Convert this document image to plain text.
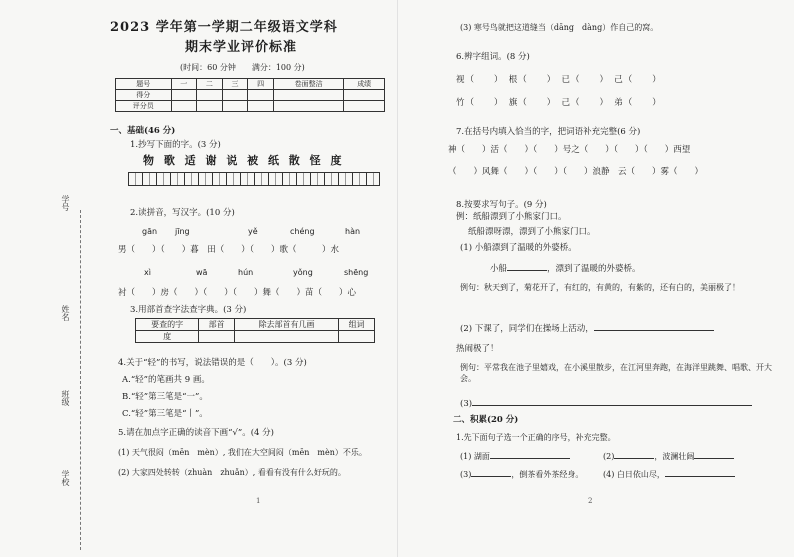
学号
姓名
班级
学校
2023 学年第一学期二年级语文学科
期末学业评价标准
(时间：60 分钟　　满分：100 分)
题号	一	二	三	四	卷面整洁	成绩
得分						
评分员						
一、基础(46 分)
1.抄写下面的字。(3 分)
物 歌 适 谢 说 被 纸 散 怪 度
2.读拼音，写汉字。(10 分)
gān jīng	yě	chéng	hàn
男（　　）（　　）暮　田（　　）（　　）歌（　　　）水
xì	wā	hún	yǒng	shēng
衬（　　）房（　　）（　　）（　　）舞（　　）苗（　　）心
3.用部首查字法查字典。(3 分)
要查的字	部首	除去部首有几画	组词
度			
4.关于“轻”的书写，说法错误的是（　　）。(3 分)
A.“轻”的笔画共 9 画。
B.“轻”第三笔是“一”。
C.“轻”第三笔是“丨”。
5.请在加点字正确的读音下画“√”。(4 分)
(1) 天气很闷（mēn　mèn）, 我们在大空间闷（mēn　mèn）不乐。
(2) 大家四处转转（zhuàn　zhuǎn）, 看看有没有什么好玩的。
1
(3) 寒号鸟就把这道缝当（dāng　dàng）作自己的窝。
6.辨字组词。(8 分)
视（　　）　根（　　）　已（　　）　己（　　）
竹（　　）　旗（　　）　己（　　）　弟（　　）
7.在括号内填入恰当的字，把词语补充完整(6 分)
神（　　）活（　　）（　　）号之（　　）（　　）（　　）西望
（　　）风舞（　　）（　　）（　　）浪静　云（　　）雾（　　）
8.按要求写句子。(9 分)
例：纸船漂到了小熊家门口。
纸船漂呀漂，漂到了小熊家门口。
(1) 小船漂到了温暖的外婆桥。
小船	，漂到了温暖的外婆桥。
例句：秋天到了，菊花开了，有红的，有黄的，有紫的，还有白的，美丽极了！
(2) 下课了，同学们在操场上活动，
热闹极了！
例句：平常我在池子里嬉戏，在小溪里散步，在江河里奔跑，在海洋里跳舞、唱歌、开大会。
(3)
二、积累(20 分)
1.先下面句子选一个正确的序号，补充完整。
(1) 湖面	(2)	，波澜壮阔
(3)	，倒茶看外茶经身。 (4) 白日依山尽，
2
